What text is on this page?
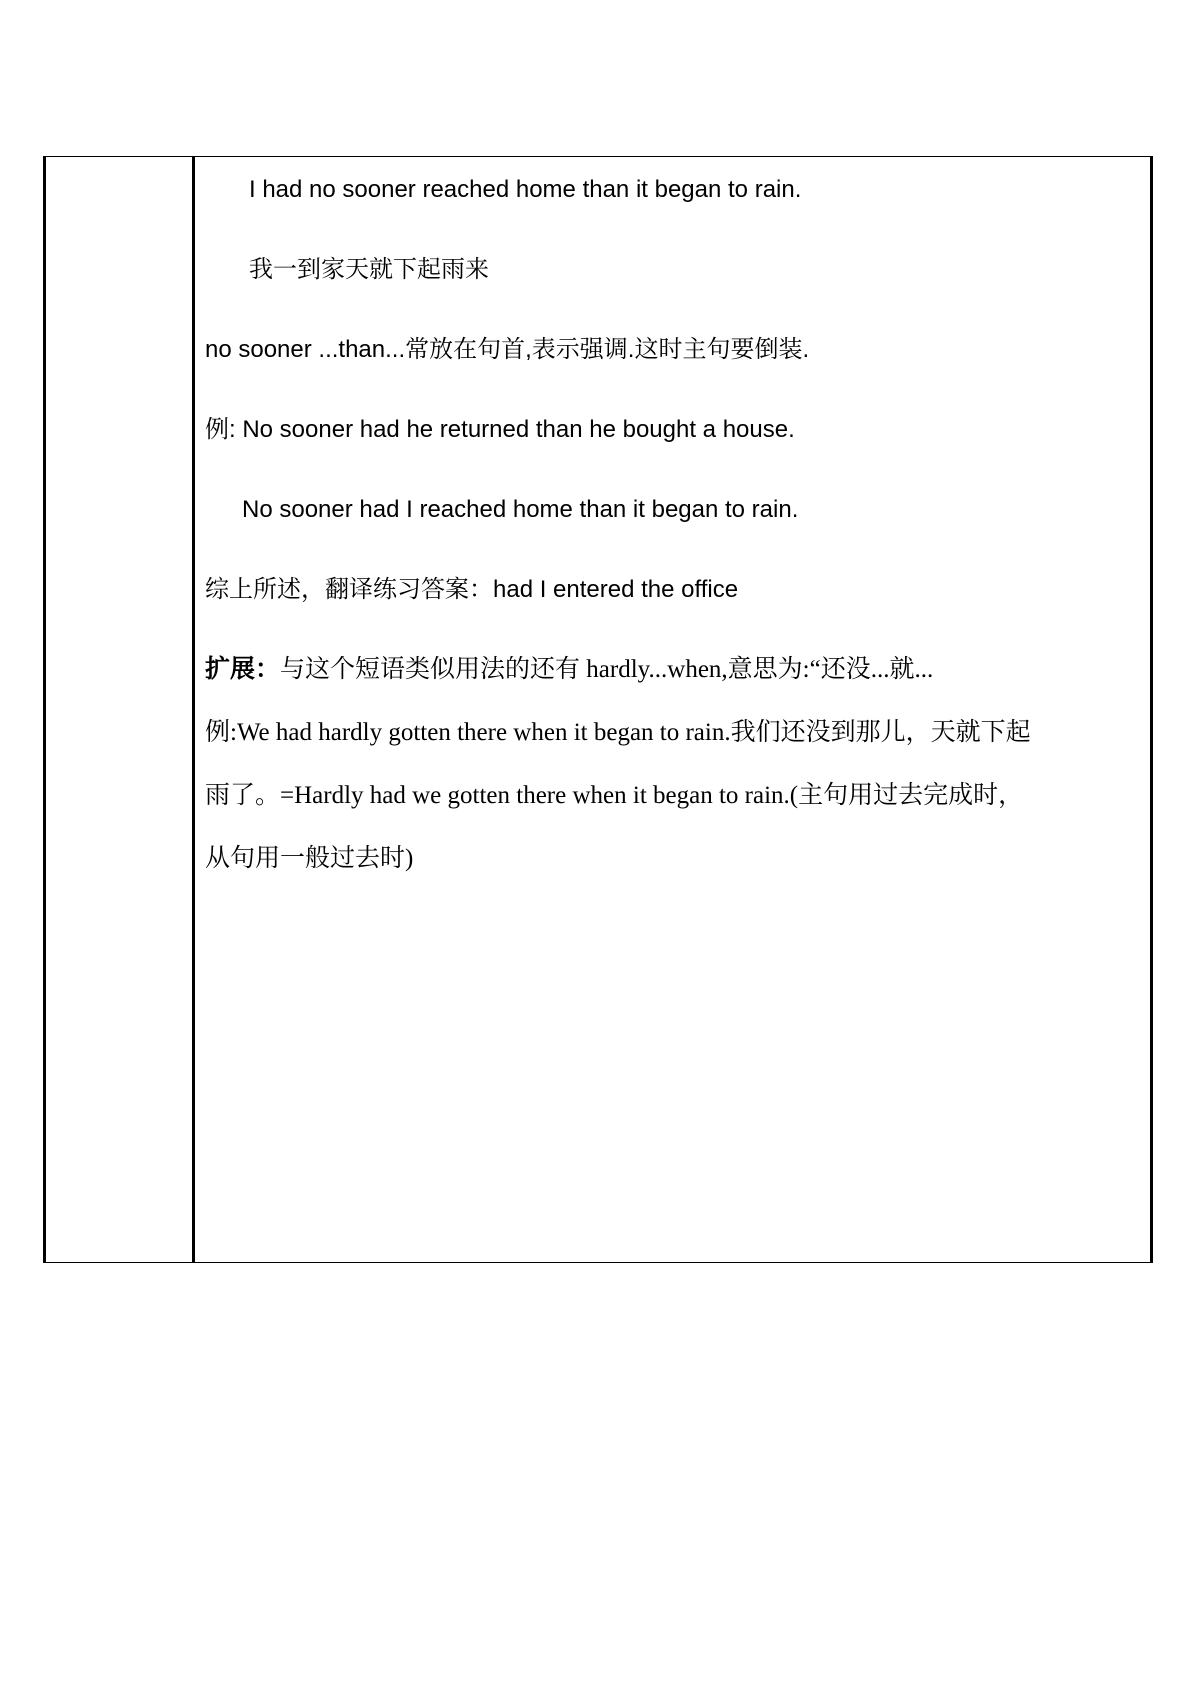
I had no sooner reached home than it began to rain.
我一到家天就下起雨来
no sooner ...than...常放在句首,表示强调.这时主句要倒装.
例: No sooner had he returned than he bought a house.
No sooner had I reached home than it began to rain.
综上所述，翻译练习答案：had I entered the office
扩展：与这个短语类似用法的还有 hardly...when,意思为:“还没...就...
例:We had hardly gotten there when it began to rain.我们还没到那儿，天就下起
雨了。=Hardly had we gotten there when it began to rain.(主句用过去完成时，
从句用一般过去时)
